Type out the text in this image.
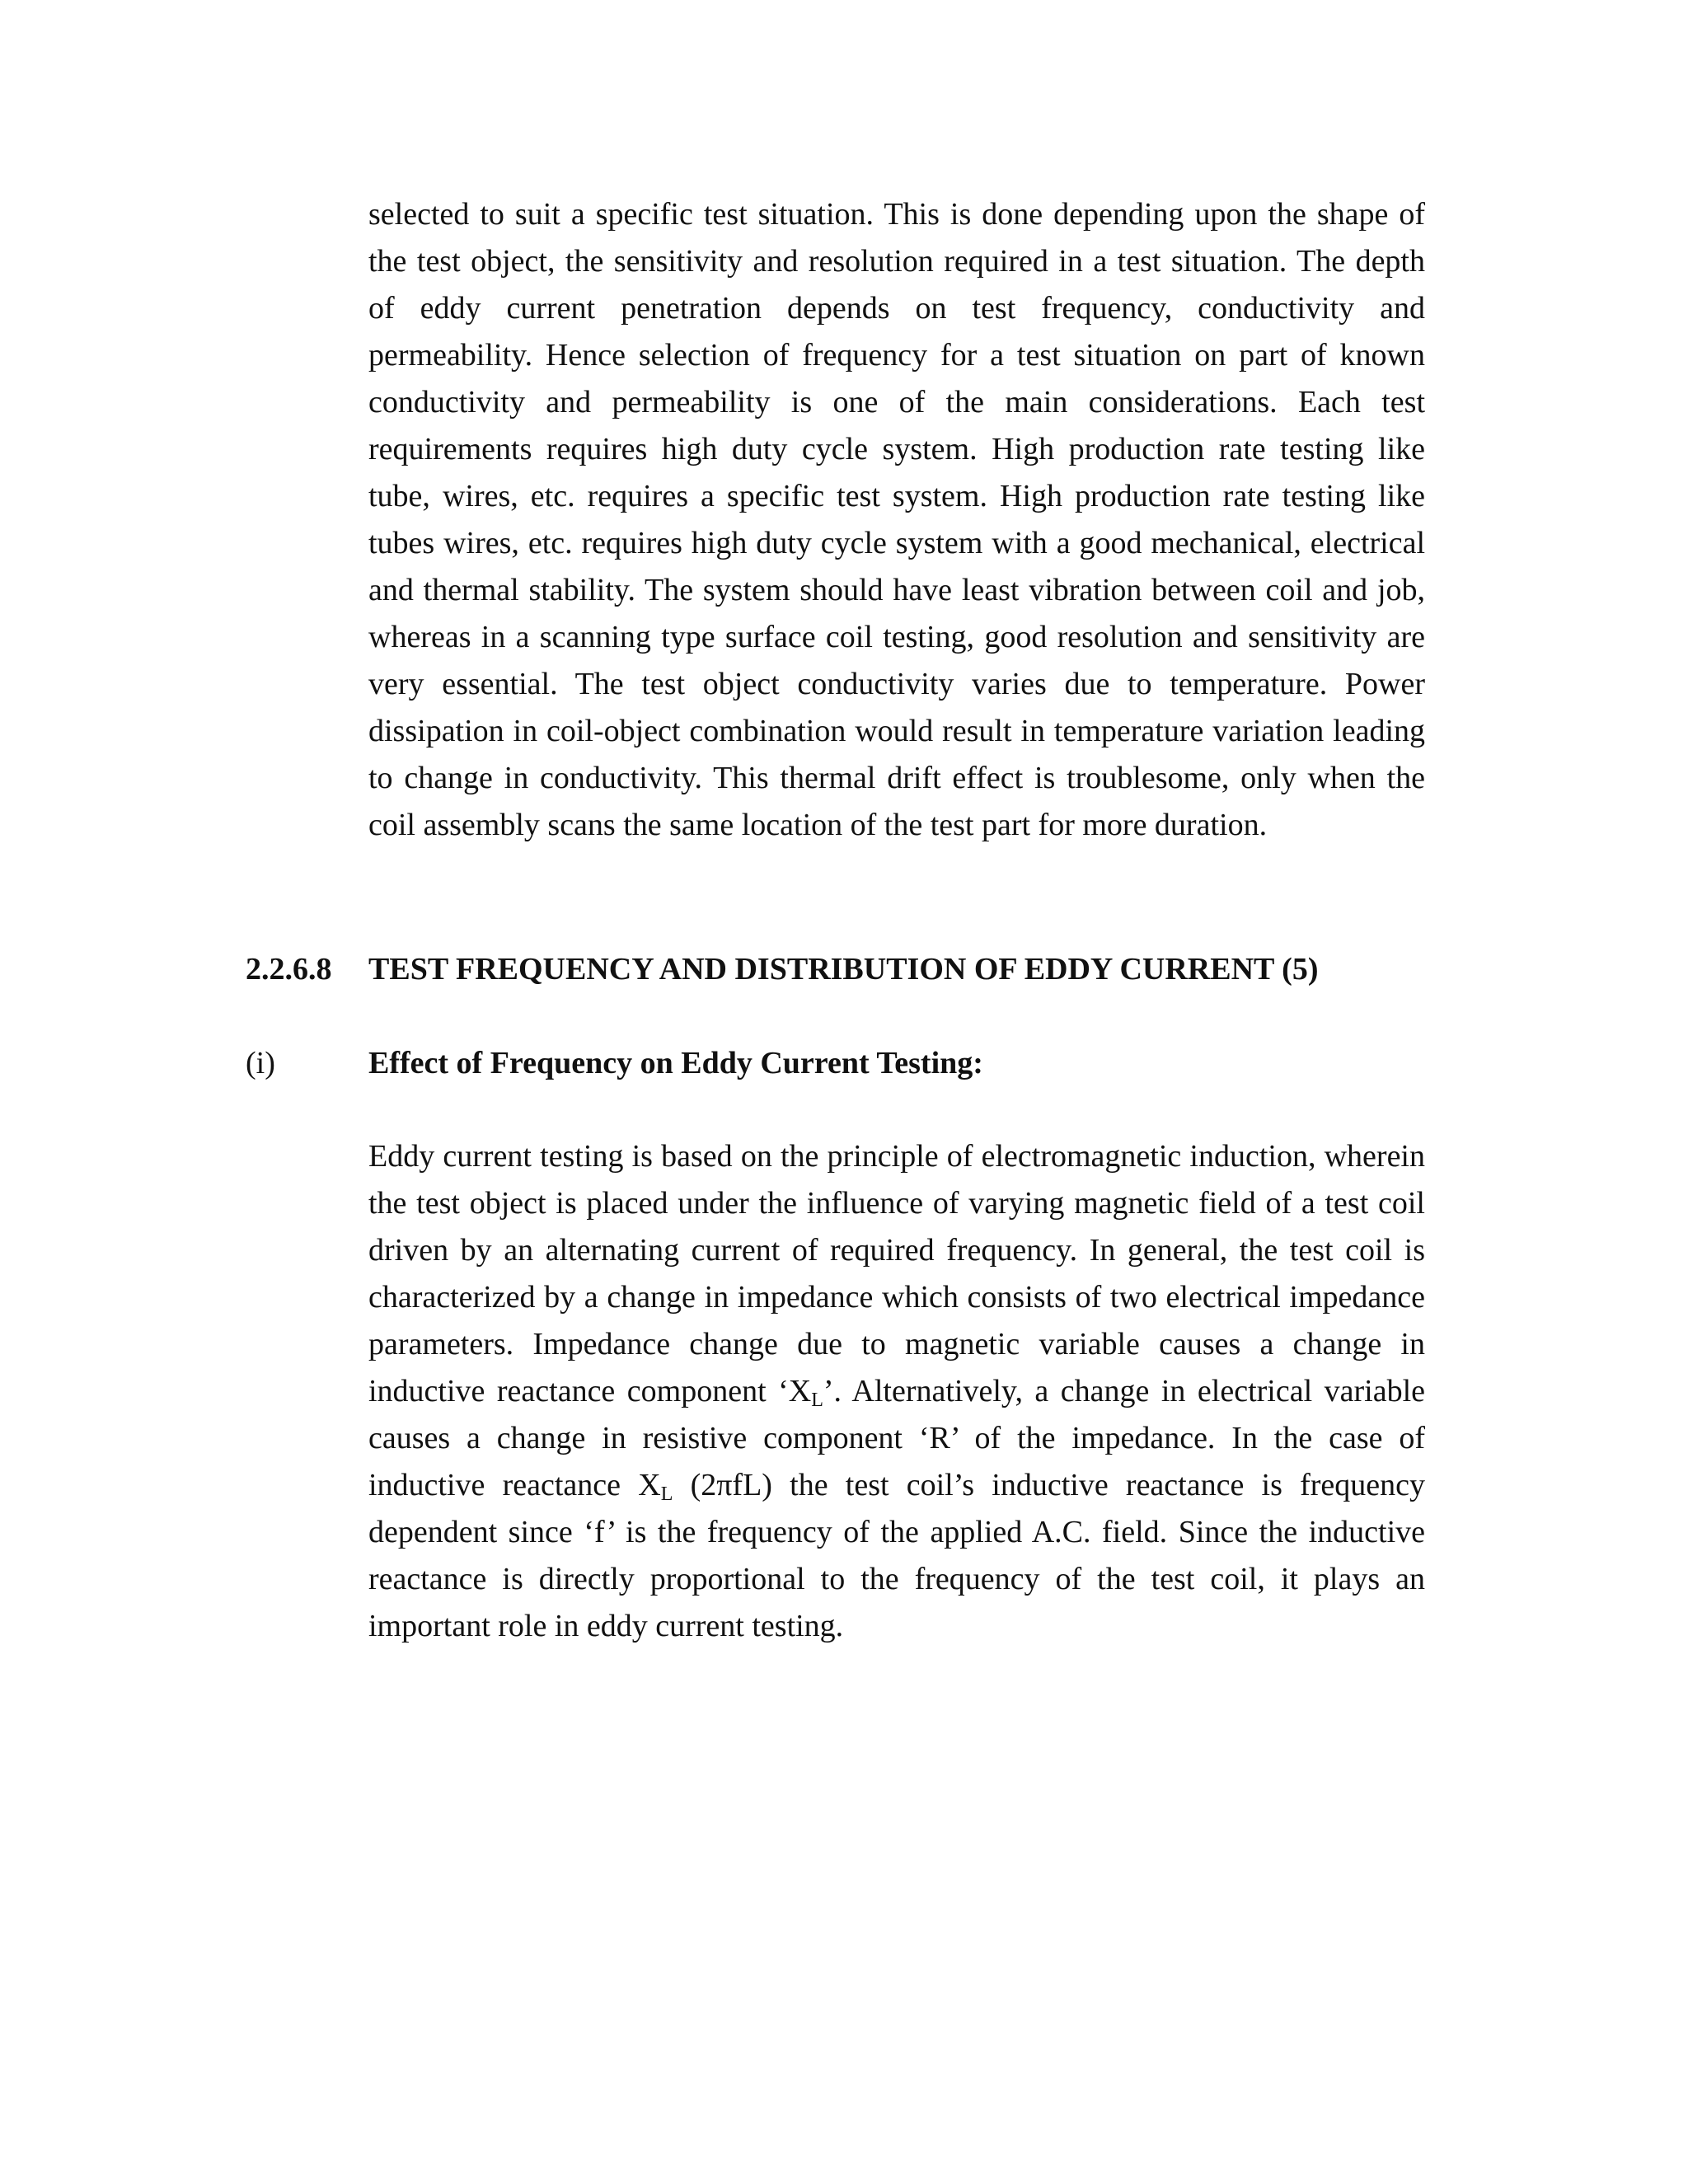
selected to suit a specific test situation. This is done depending upon the shape of the test object, the sensitivity and resolution required in a test situation. The depth of eddy current penetration depends on test frequency, conductivity and permeability. Hence selection of frequency for a test situation on part of known conductivity and permeability is one of the main considerations. Each test requirements requires high duty cycle system. High production rate testing like tube, wires, etc. requires a specific test system. High production rate testing like tubes wires, etc. requires high duty cycle system with a good mechanical, electrical and thermal stability. The system should have least vibration between coil and job, whereas in a scanning type surface coil testing, good resolution and sensitivity are very essential. The test object conductivity varies due to temperature. Power dissipation in coil-object combination would result in temperature variation leading to change in conductivity. This thermal drift effect is troublesome, only when the coil assembly scans the same location of the test part for more duration.

2.2.6.8 TEST FREQUENCY AND DISTRIBUTION OF EDDY CURRENT (5)
(i)	Effect of Frequency on Eddy Current Testing:

Eddy current testing is based on the principle of electromagnetic induction, wherein the test object is placed under the influence of varying magnetic field of a test coil driven by an alternating current of required frequency. In general, the test coil is characterized by a change in impedance which consists of two electrical impedance parameters. Impedance change due to magnetic variable causes a change in inductive reactance component ‘$X_L$’. Alternatively, a change in electrical variable causes a change in resistive component ‘R’ of the impedance. In the case of inductive reactance $X_L$ (2πfL) the test coil’s inductive reactance is frequency dependent since ‘f’ is the frequency of the applied A.C. field. Since the inductive reactance is directly proportional to the frequency of the test coil, it plays an important role in eddy current testing.
